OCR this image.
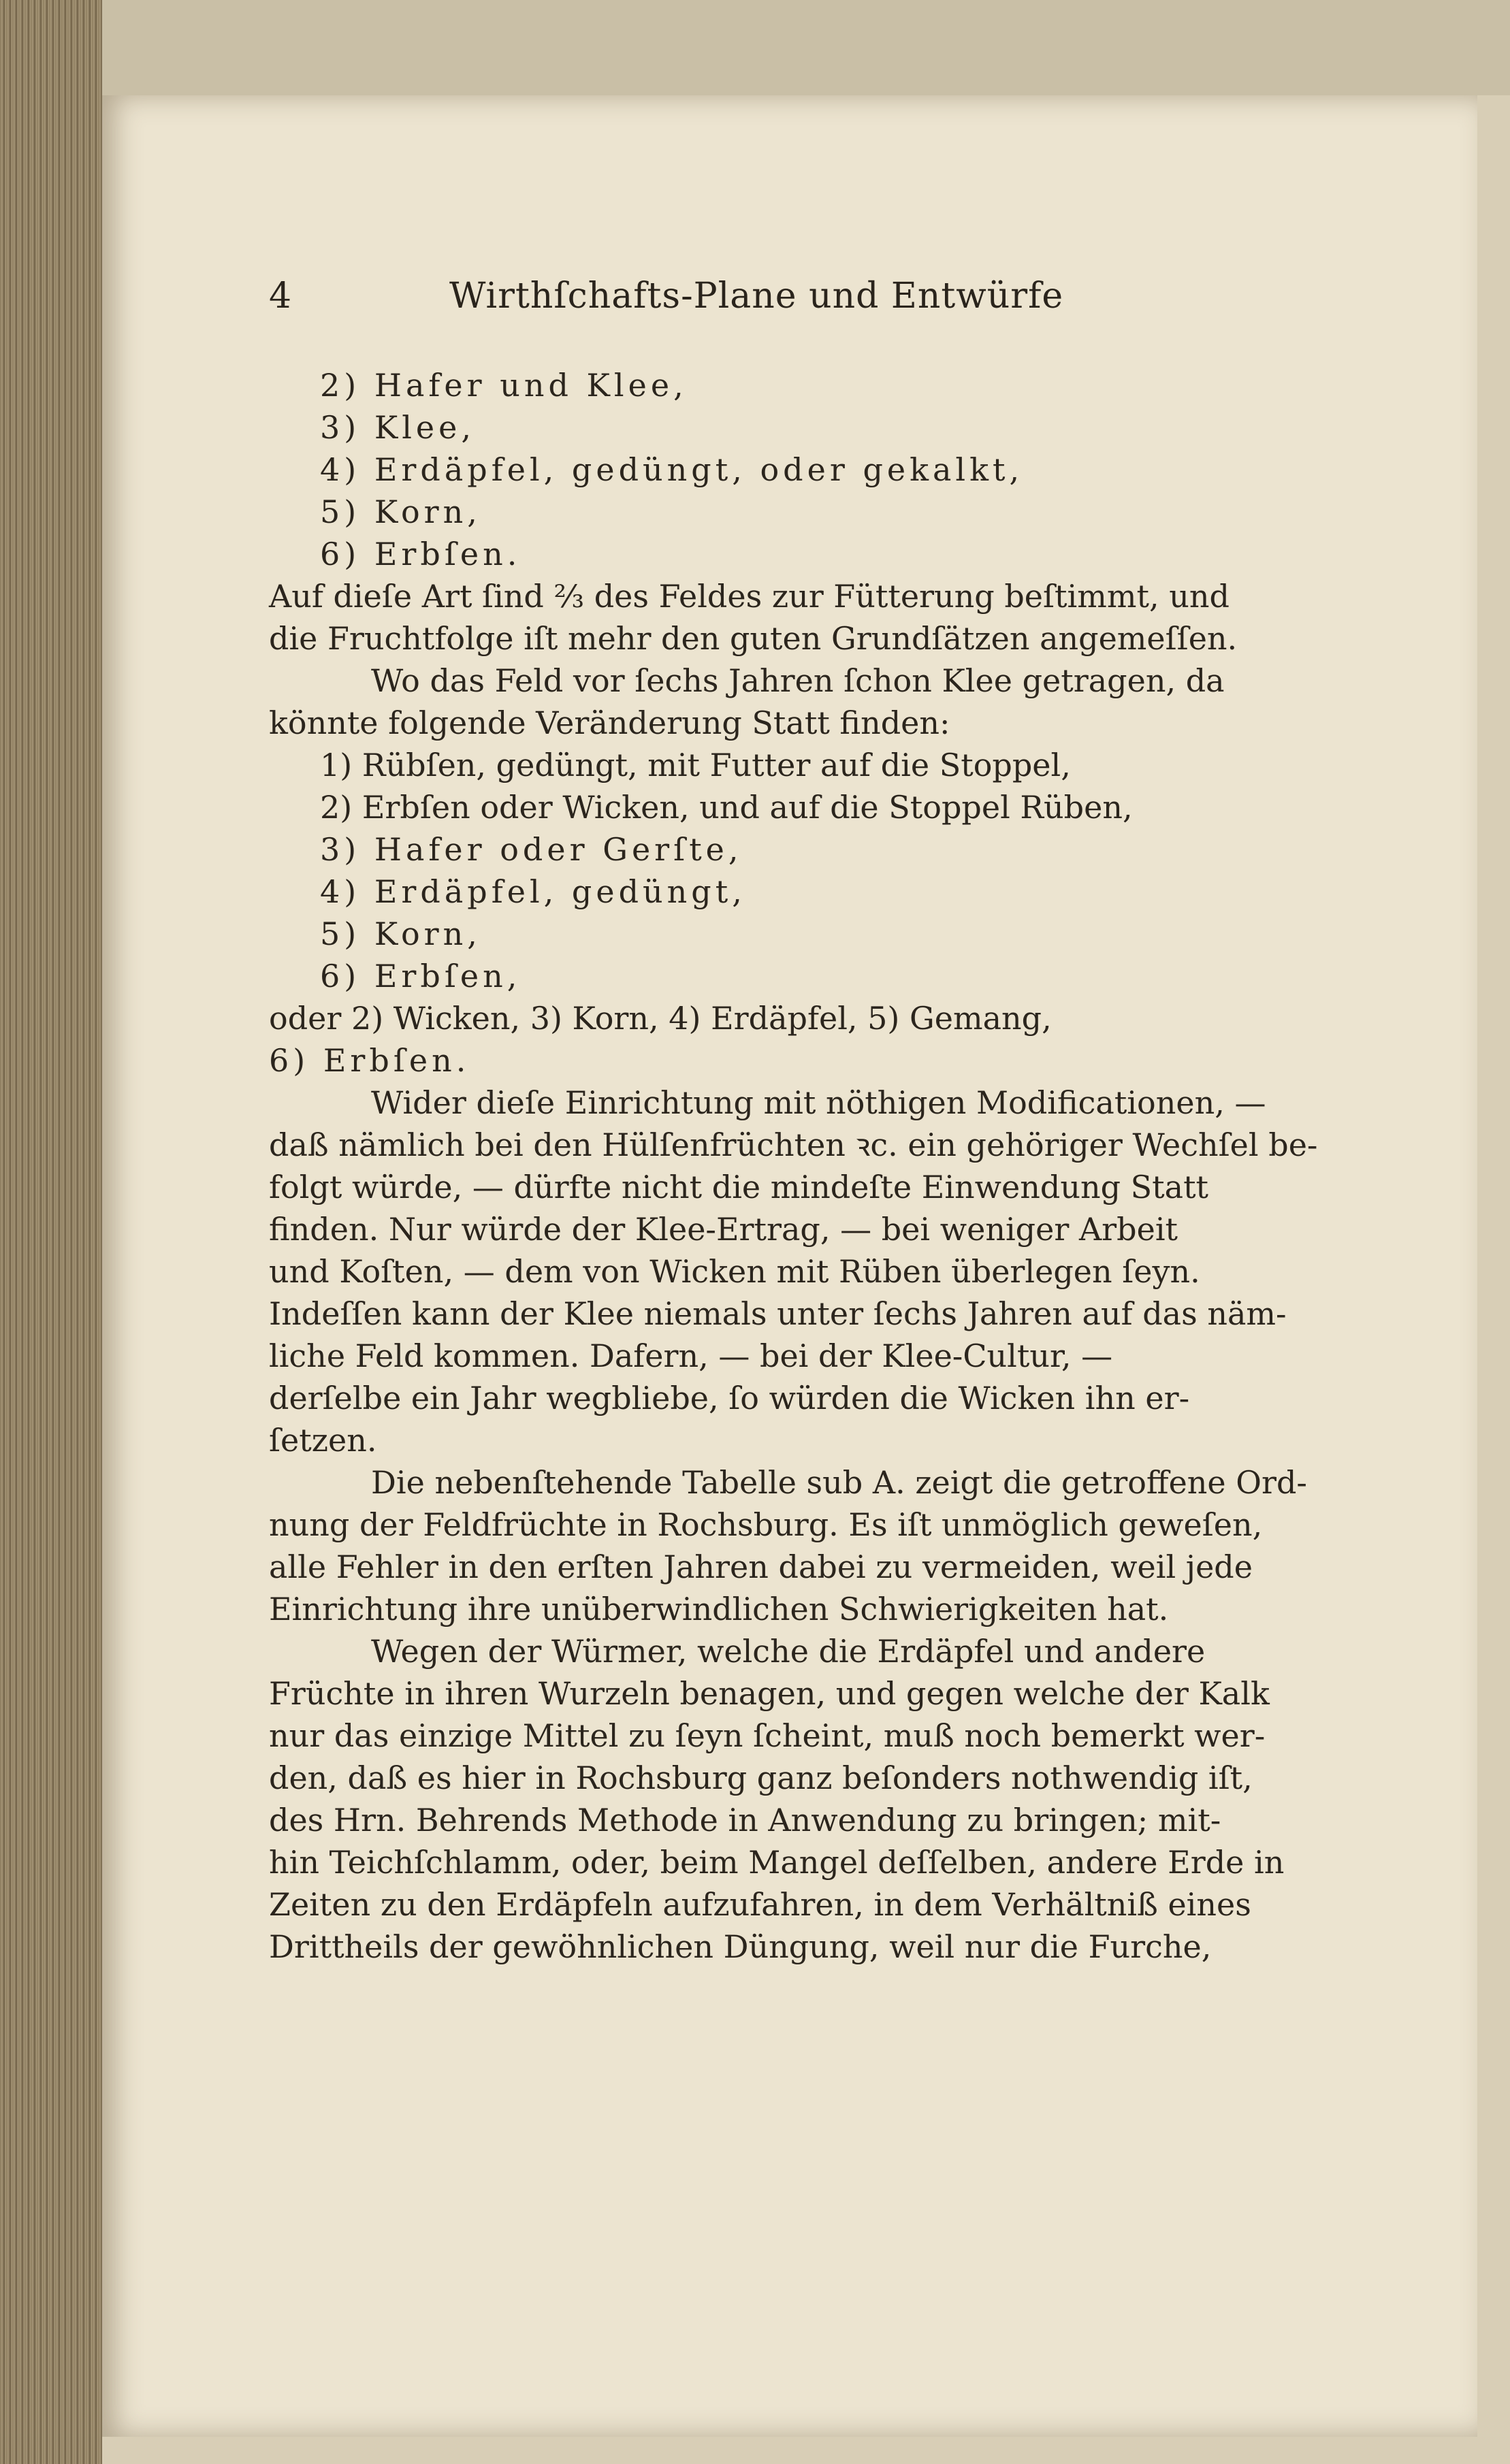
4	Wirthſchafts-Plane und Entwürfe
2) Hafer und Klee,
3) Klee,
4) Erdäpfel, gedüngt, oder gekalkt,
5) Korn,
6) Erbſen.
Auf dieſe Art ſind ⅔ des Feldes zur Fütterung beſtimmt, und
die Fruchtfolge iſt mehr den guten Grundſätzen angemeſſen.
Wo das Feld vor ſechs Jahren ſchon Klee getragen, da
könnte folgende Veränderung Statt finden:
1) Rübſen, gedüngt, mit Futter auf die Stoppel,
2) Erbſen oder Wicken, und auf die Stoppel Rüben,
3) Hafer oder Gerſte,
4) Erdäpfel, gedüngt,
5) Korn,
6) Erbſen,
oder 2) Wicken, 3) Korn, 4) Erdäpfel, 5) Gemang,
6) Erbſen.
Wider dieſe Einrichtung mit nöthigen Modificationen, —
daß nämlich bei den Hülſenfrüchten ꝛc. ein gehöriger Wechſel be-
folgt würde, — dürfte nicht die mindeſte Einwendung Statt
finden. Nur würde der Klee-Ertrag, — bei weniger Arbeit
und Koſten, — dem von Wicken mit Rüben überlegen ſeyn.
Indeſſen kann der Klee niemals unter ſechs Jahren auf das näm-
liche Feld kommen. Dafern, — bei der Klee-Cultur, —
derſelbe ein Jahr wegbliebe, ſo würden die Wicken ihn er-
ſetzen.
Die nebenſtehende Tabelle sub A. zeigt die getroffene Ord-
nung der Feldfrüchte in Rochsburg. Es iſt unmöglich geweſen,
alle Fehler in den erſten Jahren dabei zu vermeiden, weil jede
Einrichtung ihre unüberwindlichen Schwierigkeiten hat.
Wegen der Würmer, welche die Erdäpfel und andere
Früchte in ihren Wurzeln benagen, und gegen welche der Kalk
nur das einzige Mittel zu ſeyn ſcheint, muß noch bemerkt wer-
den, daß es hier in Rochsburg ganz beſonders nothwendig iſt,
des Hrn. Behrends Methode in Anwendung zu bringen; mit-
hin Teichſchlamm, oder, beim Mangel deſſelben, andere Erde in
Zeiten zu den Erdäpfeln aufzufahren, in dem Verhältniß eines
Drittheils der gewöhnlichen Düngung, weil nur die Furche,
